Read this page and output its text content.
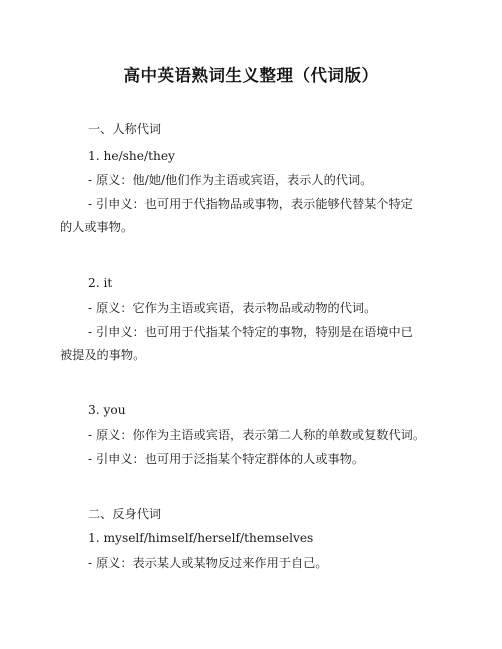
高中英语熟词生义整理（代词版）

一、人称代词

1. he/she/they

- 原义：他/她/他们作为主语或宾语，表示人的代词。

- 引申义：也可用于代指物品或事物，表示能够代替某个特定

的人或事物。

2. it

- 原义：它作为主语或宾语，表示物品或动物的代词。

- 引申义：也可用于代指某个特定的事物，特别是在语境中已

被提及的事物。

3. you

- 原义：你作为主语或宾语，表示第二人称的单数或复数代词。

- 引申义：也可用于泛指某个特定群体的人或事物。

二、反身代词

1. myself/himself/herself/themselves

- 原义：表示某人或某物反过来作用于自己。
